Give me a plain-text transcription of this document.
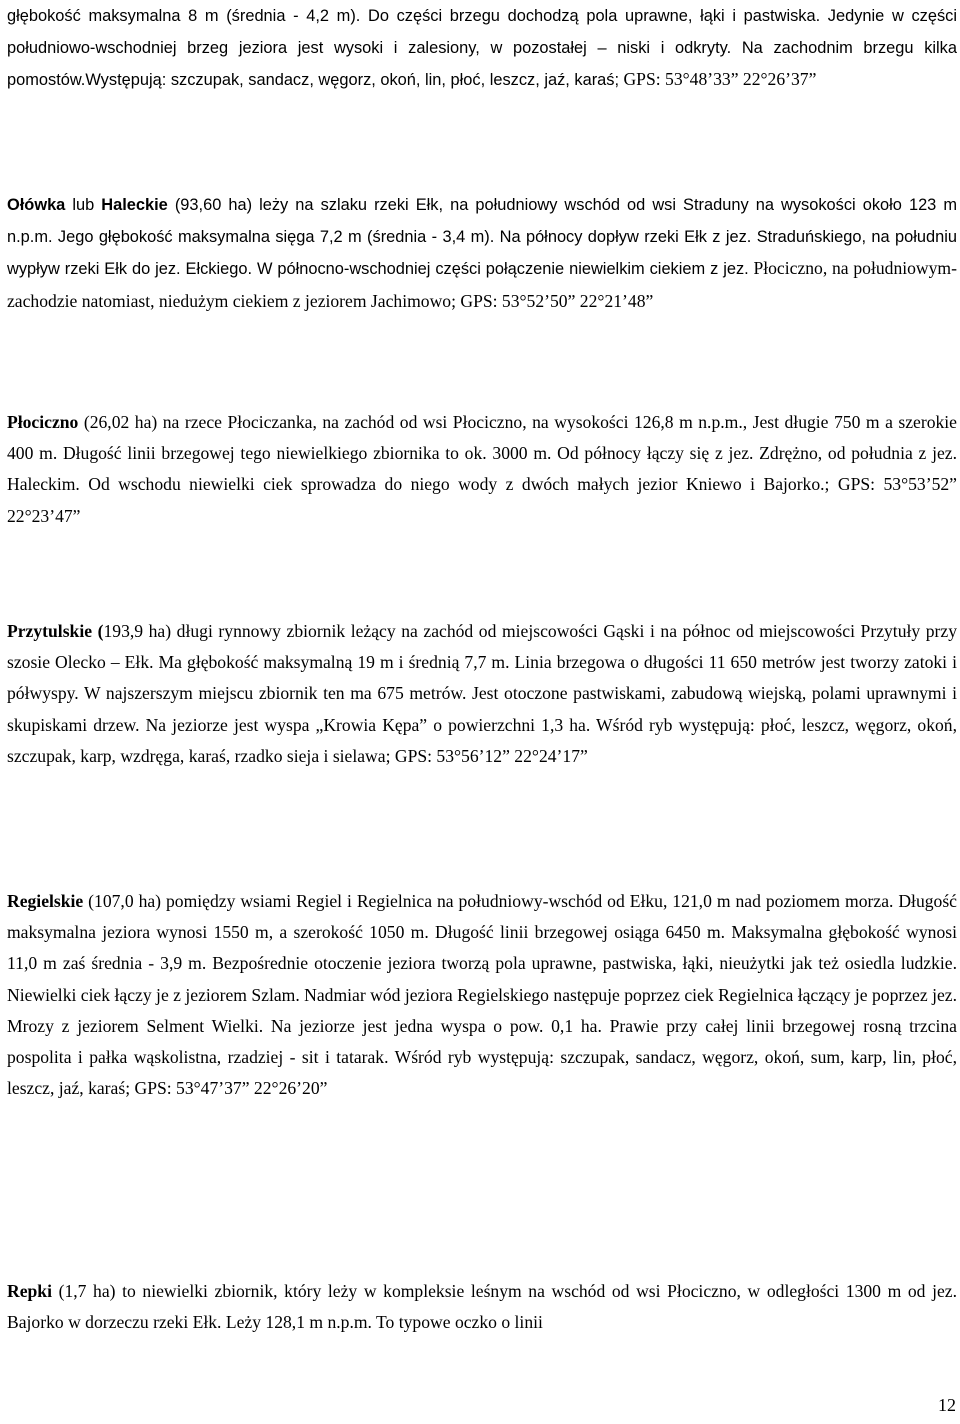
głębokość maksymalna 8 m (średnia - 4,2 m). Do części brzegu dochodzą pola uprawne, łąki i pastwiska. Jedynie w części południowo-wschodniej brzeg jeziora jest wysoki i zalesiony, w pozostałej – niski i odkryty. Na zachodnim brzegu kilka pomostów.Występują: szczupak, sandacz, węgorz, okoń, lin, płoć, leszcz, jaź, karaś; GPS: 53°48’33” 22°26’37”

Ołówka lub Haleckie (93,60 ha) leży na szlaku rzeki Ełk, na południowy wschód od wsi Straduny na wysokości około 123 m n.p.m. Jego głębokość maksymalna sięga 7,2 m (średnia - 3,4 m). Na północy dopływ rzeki Ełk z jez. Straduńskiego, na południu wypływ rzeki Ełk do jez. Ełckiego. W północno-wschodniej części połączenie niewielkim ciekiem z jez. Płociczno, na południowym-zachodzie natomiast, niedużym ciekiem z jeziorem Jachimowo; GPS: 53°52’50” 22°21’48”

Płociczno (26,02 ha) na rzece Płociczanka, na zachód od wsi Płociczno, na wysokości 126,8 m n.p.m., Jest długie 750 m a szerokie 400 m. Długość linii brzegowej tego niewielkiego zbiornika to ok. 3000 m. Od północy łączy się z jez. Zdrężno, od południa z jez. Haleckim. Od wschodu niewielki ciek sprowadza do niego wody z dwóch małych jezior Kniewo i Bajorko.; GPS: 53°53’52” 22°23’47”

Przytulskie (193,9 ha) długi rynnowy zbiornik leżący na zachód od miejscowości Gąski i na północ od miejscowości Przytuły przy szosie Olecko – Ełk. Ma głębokość maksymalną 19 m i średnią 7,7 m. Linia brzegowa o długości 11 650 metrów jest tworzy zatoki i półwyspy. W najszerszym miejscu zbiornik ten ma 675 metrów. Jest otoczone pastwiskami, zabudową wiejską, polami uprawnymi i skupiskami drzew. Na jeziorze jest wyspa „Krowia Kępa” o powierzchni 1,3 ha. Wśród ryb występują: płoć, leszcz, węgorz, okoń, szczupak, karp, wzdręga, karaś, rzadko sieja i sielawa; GPS: 53°56’12” 22°24’17”

Regielskie (107,0 ha) pomiędzy wsiami Regiel i Regielnica na południowy-wschód od Ełku, 121,0 m nad poziomem morza. Długość maksymalna jeziora wynosi 1550 m, a szerokość 1050 m. Długość linii brzegowej osiąga 6450 m. Maksymalna głębokość wynosi 11,0 m zaś średnia - 3,9 m. Bezpośrednie otoczenie jeziora tworzą pola uprawne, pastwiska, łąki, nieużytki jak też osiedla ludzkie. Niewielki ciek łączy je z jeziorem Szlam. Nadmiar wód jeziora Regielskiego następuje poprzez ciek Regielnica łączący je poprzez jez. Mrozy z jeziorem Selment Wielki. Na jeziorze jest jedna wyspa o pow. 0,1 ha. Prawie przy całej linii brzegowej rosną trzcina pospolita i pałka wąskolistna, rzadziej - sit i tatarak. Wśród ryb występują: szczupak, sandacz, węgorz, okoń, sum, karp, lin, płoć, leszcz, jaź, karaś; GPS: 53°47’37” 22°26’20”

Repki (1,7 ha) to niewielki zbiornik, który leży w kompleksie leśnym na wschód od wsi Płociczno, w odległości 1300 m od jez. Bajorko w dorzeczu rzeki Ełk. Leży 128,1 m n.p.m. To typowe oczko o linii

12
